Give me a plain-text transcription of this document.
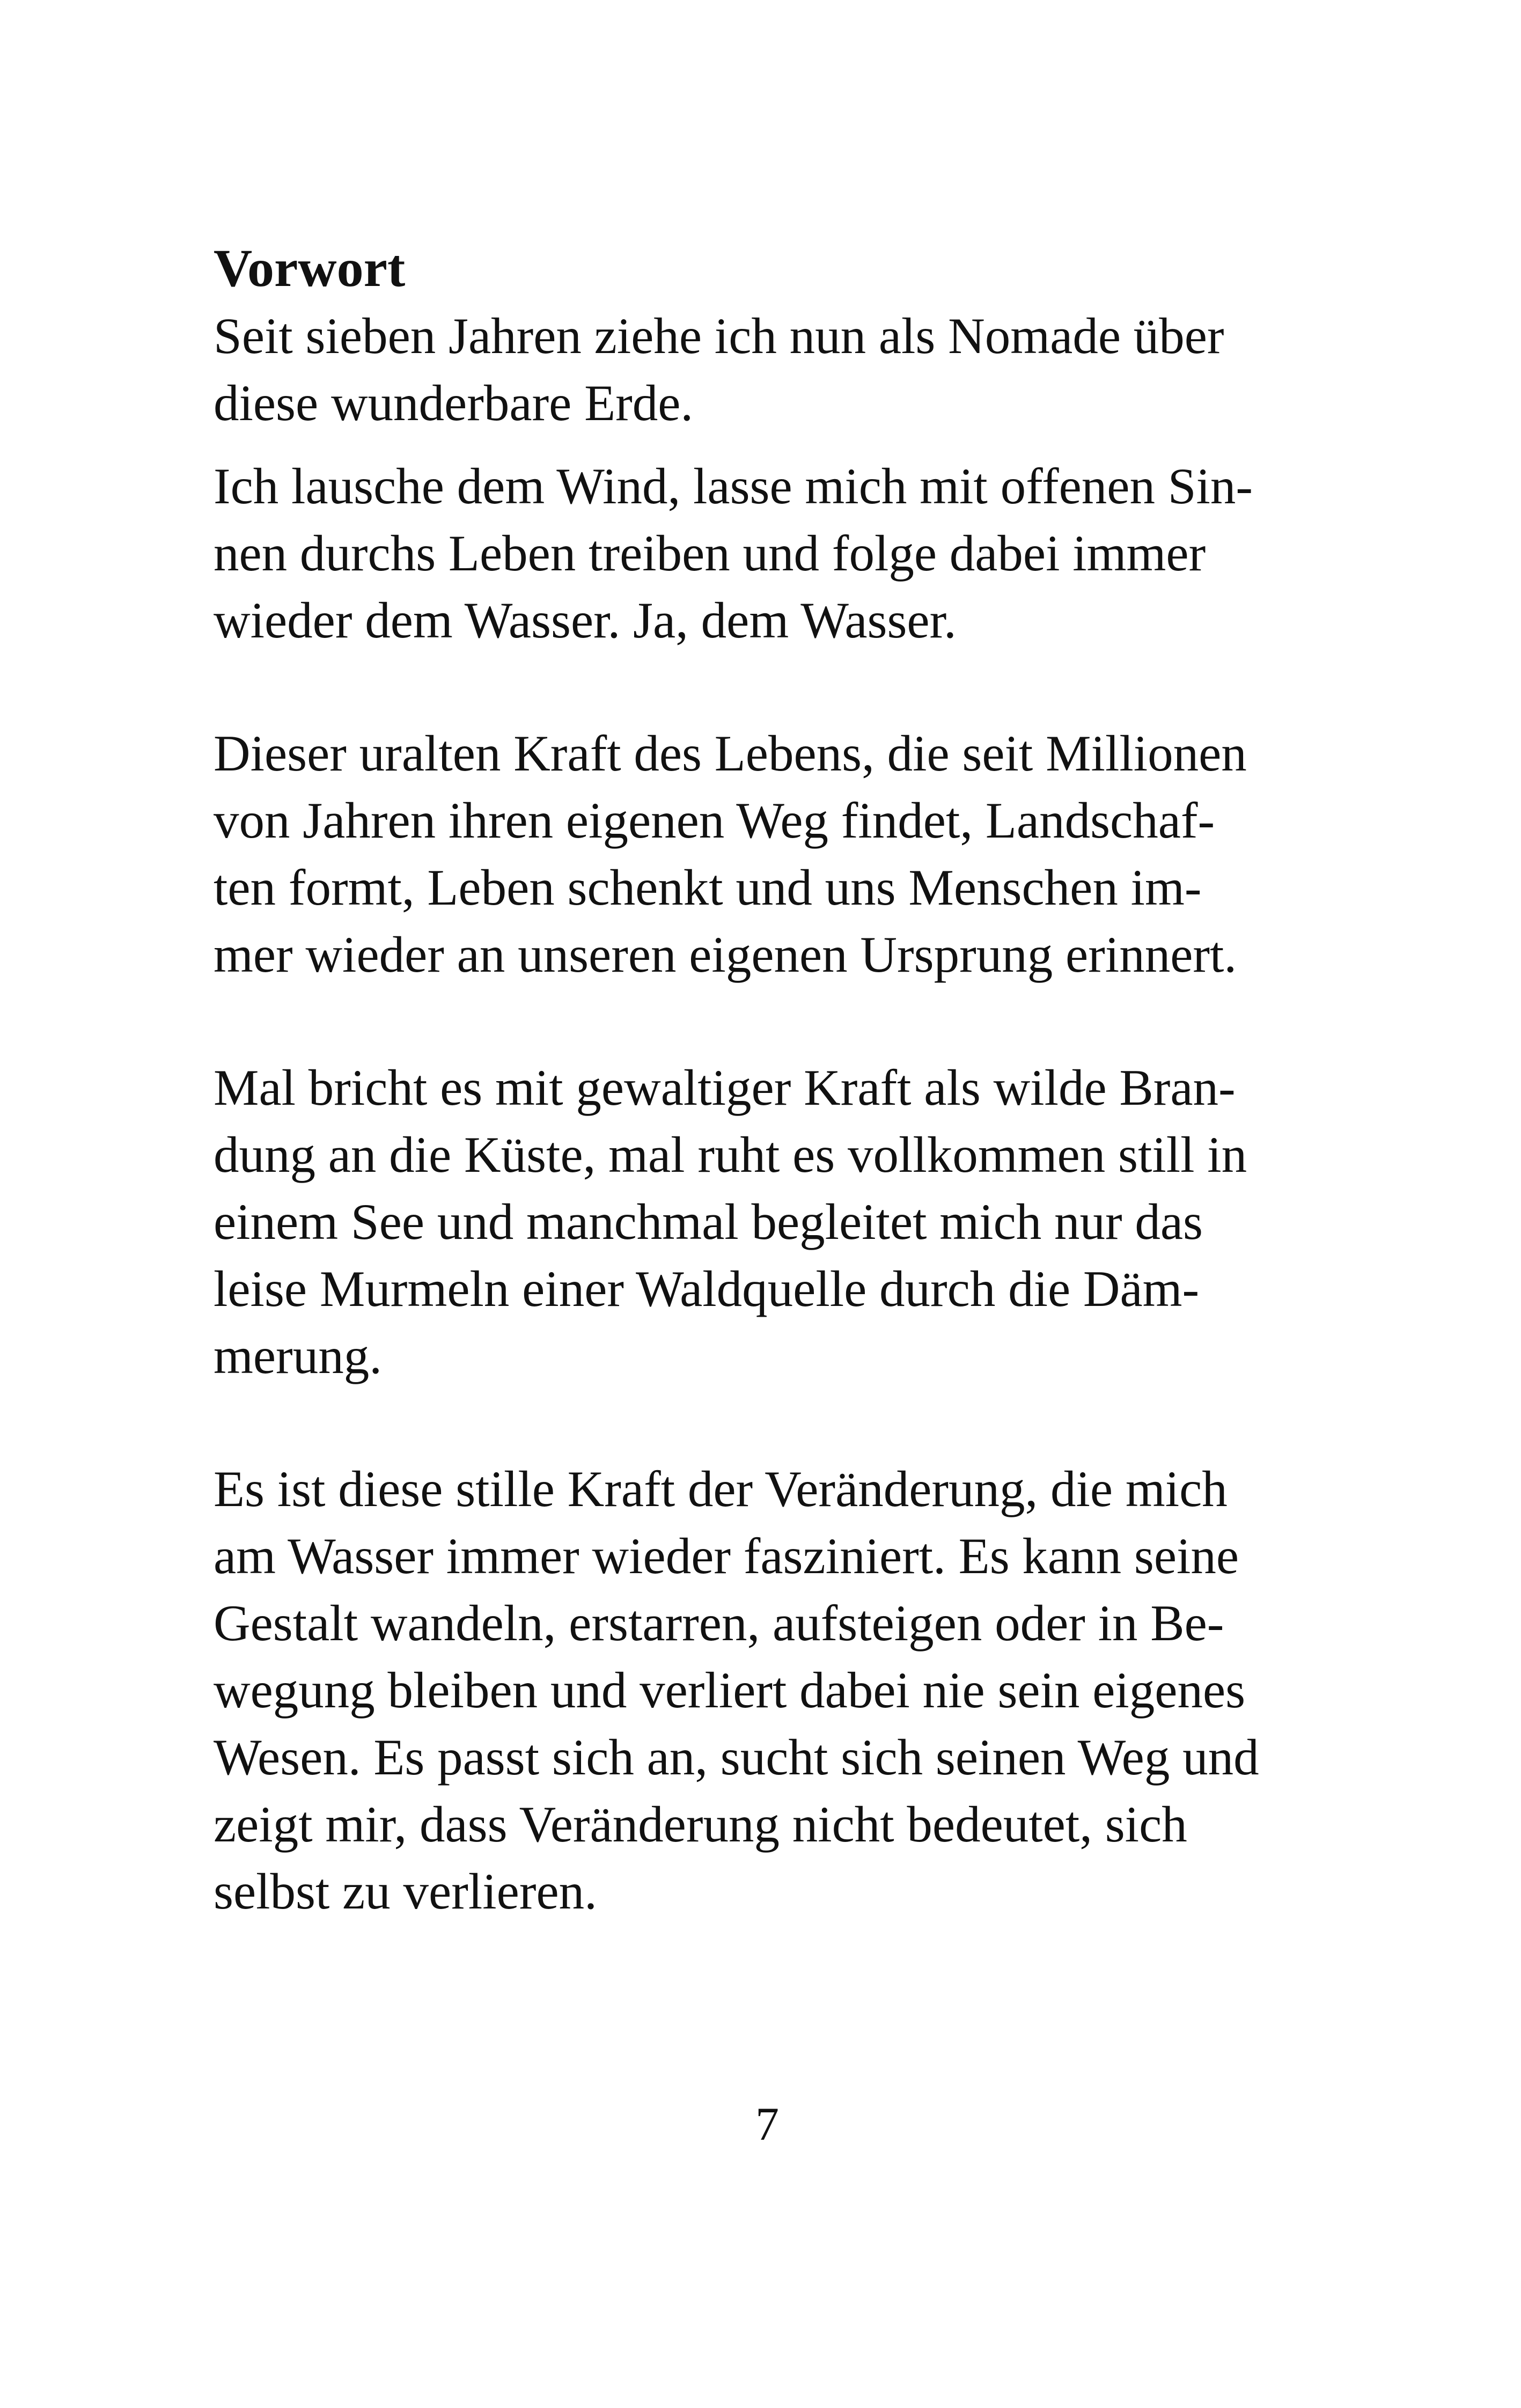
Vorwort
Seit sieben Jahren ziehe ich nun als Nomade über
diese wunderbare Erde.
Ich lausche dem Wind, lasse mich mit offenen Sin-
nen durchs Leben treiben und folge dabei immer
wieder dem Wasser. Ja, dem Wasser.
Dieser uralten Kraft des Lebens, die seit Millionen
von Jahren ihren eigenen Weg findet, Landschaf-
ten formt, Leben schenkt und uns Menschen im-
mer wieder an unseren eigenen Ursprung erinnert.
Mal bricht es mit gewaltiger Kraft als wilde Bran-
dung an die Küste, mal ruht es vollkommen still in
einem See und manchmal begleitet mich nur das
leise Murmeln einer Waldquelle durch die Däm-
merung.
Es ist diese stille Kraft der Veränderung, die mich
am Wasser immer wieder fasziniert. Es kann seine
Gestalt wandeln, erstarren, aufsteigen oder in Be-
wegung bleiben und verliert dabei nie sein eigenes
Wesen. Es passt sich an, sucht sich seinen Weg und
zeigt mir, dass Veränderung nicht bedeutet, sich
selbst zu verlieren.
7
